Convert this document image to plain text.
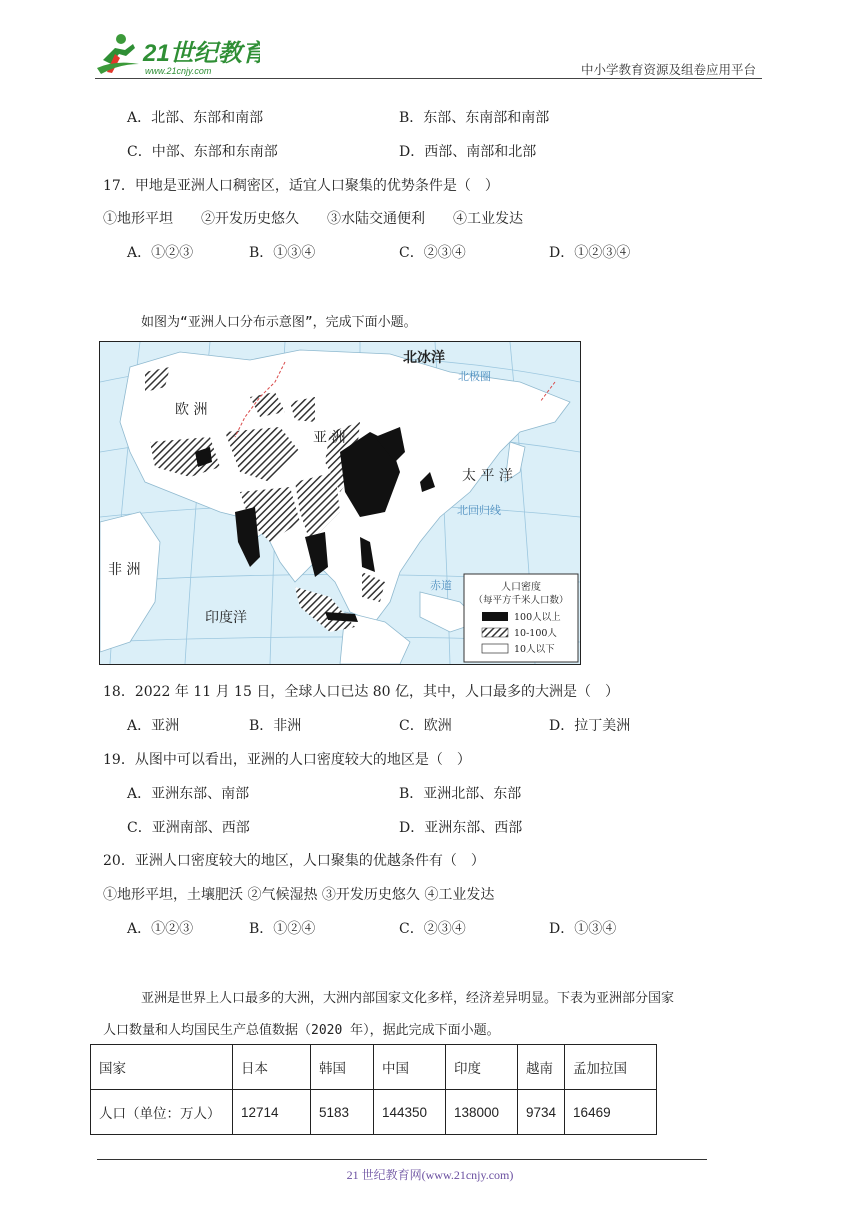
21世纪教育
www.21cnjy.com	中小学教育资源及组卷应用平台
A．北部、东部和南部	B．东部、东南部和南部
C．中部、东部和东南部	D．西部、南部和北部
17．甲地是亚洲人口稠密区，适宜人口聚集的优势条件是（　）
①地形平坦　　②开发历史悠久　　③水陆交通便利　　④工业发达
A．①②③	B．①③④	C．②③④	D．①②③④
如图为“亚洲人口分布示意图”，完成下面小题。
北冰洋
北极圈
欧 洲
亚 洲
太 平 洋
北回归线
非 洲
赤道
印度洋
人口密度
（每平方千米人口数）
100人以上
10-100人
10人以下
18．2022 年 11 月 15 日，全球人口已达 80 亿，其中，人口最多的大洲是（　）
A．亚洲	B．非洲	C．欧洲	D．拉丁美洲
19．从图中可以看出，亚洲的人口密度较大的地区是（　）
A．亚洲东部、南部	B．亚洲北部、东部
C．亚洲南部、西部	D．亚洲东部、西部
20．亚洲人口密度较大的地区，人口聚集的优越条件有（　）
①地形平坦，土壤肥沃 ②气候湿热 ③开发历史悠久 ④工业发达
A．①②③	B．①②④	C．②③④	D．①③④
亚洲是世界上人口最多的大洲，大洲内部国家文化多样，经济差异明显。下表为亚洲部分国家
人口数量和人均国民生产总值数据（2020 年），据此完成下面小题。
国家	日本	韩国	中国	印度	越南	孟加拉国
人口（单位：万人）	12714	5183	144350	138000	9734	16469
21 世纪教育网(www.21cnjy.com)
